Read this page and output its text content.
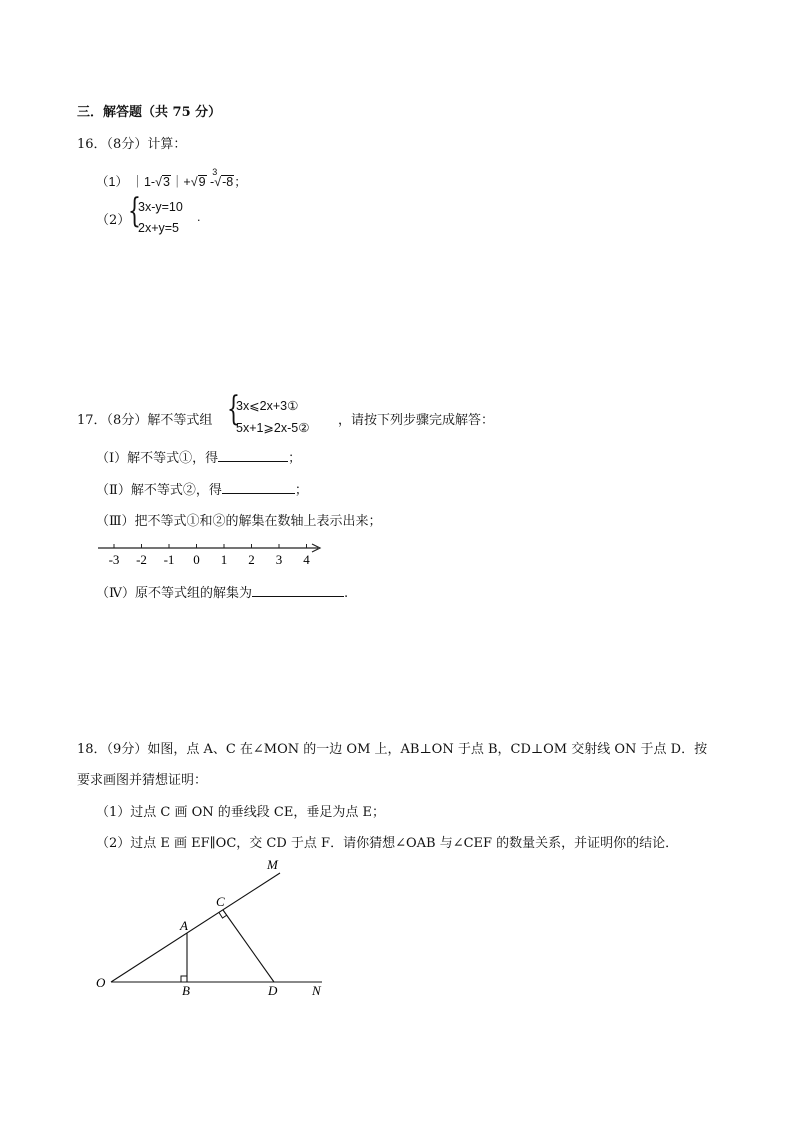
三．解答题（共 75 分）
16．（8分）计算：
（1） ｜1-√3｜+√9 -
3
√-8；
（2）
{
3x-y=10
2x+y=5
.
17．（8分）解不等式组 {
3x⩽2x+3①
5x+1⩾2x-5② ，请按下列步骤完成解答：
（Ⅰ）解不等式①，得	；
（Ⅱ）解不等式②，得	；
（Ⅲ）把不等式①和②的解集在数轴上表示出来；
-3 -2 -1 0 1 2 3 4
（Ⅳ）原不等式组的解集为	.
18．（9分）如图，点 A、C 在∠MON 的一边 OM 上，AB⊥ON 于点 B，CD⊥OM 交射线 ON 于点 D．按
要求画图并猜想证明：
（1）过点 C 画 ON 的垂线段 CE，垂足为点 E；
（2）过点 E 画 EF∥OC，交 CD 于点 F．请你猜想∠OAB 与∠CEF 的数量关系，并证明你的结论．
O
A
B
C
D
M
N
